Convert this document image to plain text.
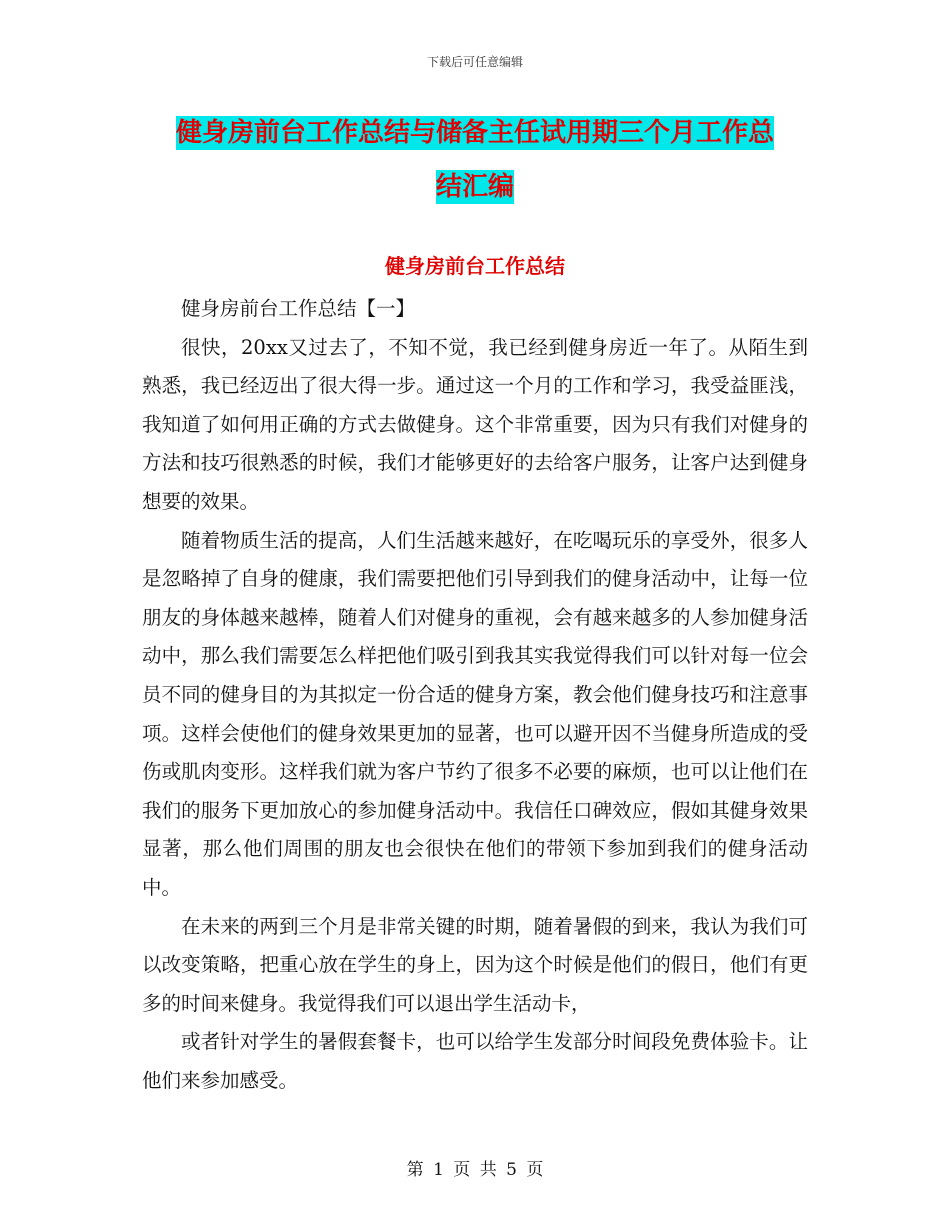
下载后可任意编辑
健身房前台工作总结与储备主任试用期三个月工作总
结汇编
健身房前台工作总结

健身房前台工作总结【一】

很快，20xx又过去了，不知不觉，我已经到健身房近一年了。从陌生到熟悉，我已经迈出了很大得一步。通过这一个月的工作和学习，我受益匪浅，我知道了如何用正确的方式去做健身。这个非常重要，因为只有我们对健身的方法和技巧很熟悉的时候，我们才能够更好的去给客户服务，让客户达到健身想要的效果。

随着物质生活的提高，人们生活越来越好，在吃喝玩乐的享受外，很多人是忽略掉了自身的健康，我们需要把他们引导到我们的健身活动中，让每一位朋友的身体越来越棒，随着人们对健身的重视，会有越来越多的人参加健身活动中，那么我们需要怎么样把他们吸引到我其实我觉得我们可以针对每一位会员不同的健身目的为其拟定一份合适的健身方案，教会他们健身技巧和注意事项。这样会使他们的健身效果更加的显著，也可以避开因不当健身所造成的受伤或肌肉变形。这样我们就为客户节约了很多不必要的麻烦，也可以让他们在我们的服务下更加放心的参加健身活动中。我信任口碑效应，假如其健身效果显著，那么他们周围的朋友也会很快在他们的带领下参加到我们的健身活动中。

在未来的两到三个月是非常关键的时期，随着暑假的到来，我认为我们可以改变策略，把重心放在学生的身上，因为这个时候是他们的假日，他们有更多的时间来健身。我觉得我们可以退出学生活动卡，

或者针对学生的暑假套餐卡，也可以给学生发部分时间段免费体验卡。让他们来参加感受。

第 1 页 共 5 页
